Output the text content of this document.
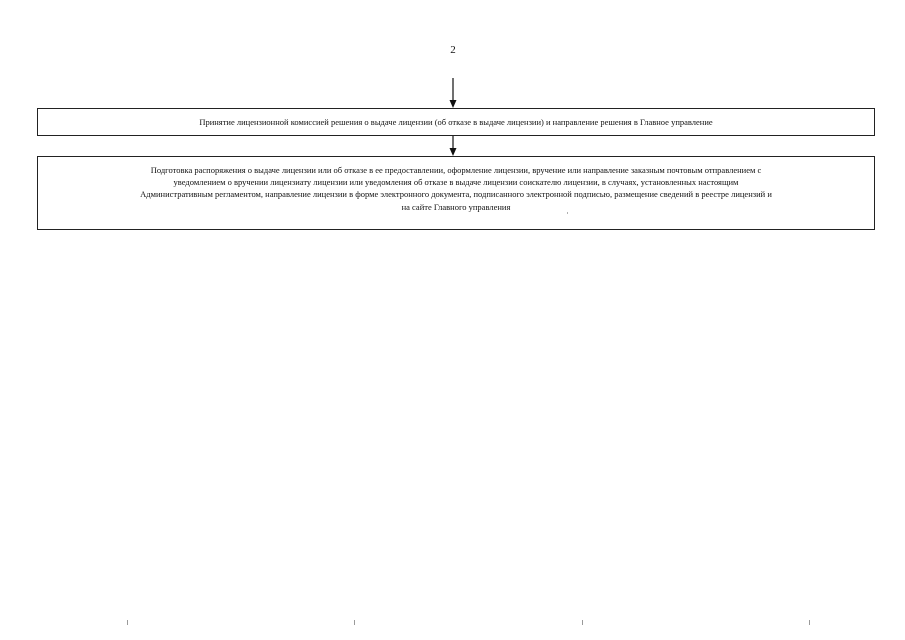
2
Принятие лицензионной комиссией решения о выдаче лицензии (об отказе в выдаче лицензии) и направление решения в Главное управление

Подготовка распоряжения о выдаче лицензии или об отказе в ее предоставлении, оформление лицензии, вручение или направление заказным почтовым отправлением с

уведомлением о вручении лицензиату лицензии или уведомления об отказе в выдаче лицензии соискателю лицензии, в случаях, установленных настоящим

Административным регламентом, направление лицензии в форме электронного документа, подписанного электронной подписью, размещение сведений в реестре лицензий и

на сайте Главного управления
